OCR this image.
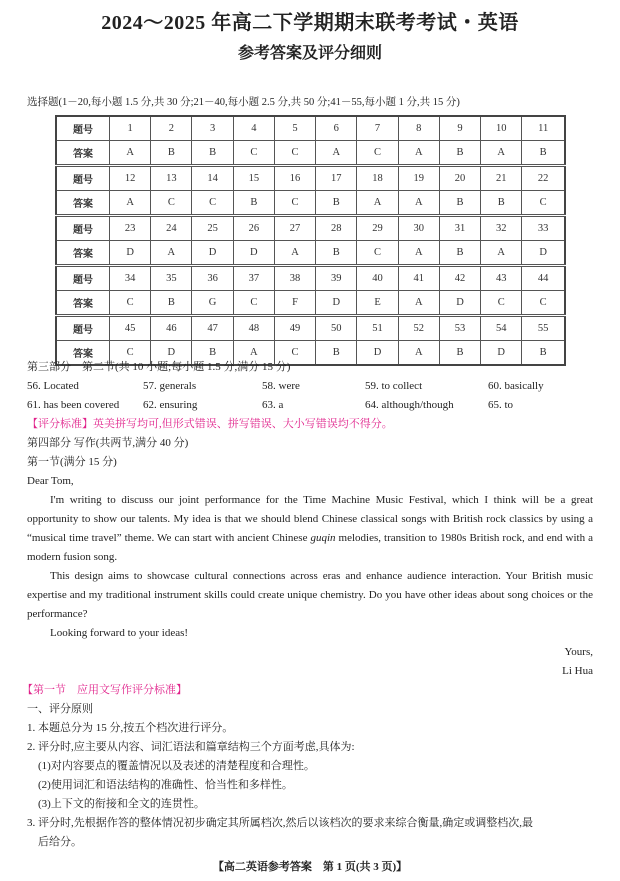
名校教研联盟
2024～2025 年高二下学期期末联考考试・英语
参考答案及评分细则
选择题(1－20,每小题 1.5 分,共 30 分;21－40,每小题 2.5 分,共 50 分;41－55,每小题 1 分,共 15 分)
题号	1	2	3	4	5	6	7	8	9	10	11
答案	A	B	B	C	C	A	C	A	B	A	B
题号	12	13	14	15	16	17	18	19	20	21	22
答案	A	C	C	B	C	B	A	A	B	B	C
题号	23	24	25	26	27	28	29	30	31	32	33
答案	D	A	D	D	A	B	C	A	B	A	D
题号	34	35	36	37	38	39	40	41	42	43	44
答案	C	B	G	C	F	D	E	A	D	C	C
题号	45	46	47	48	49	50	51	52	53	54	55
答案	C	D	B	A	C	B	D	A	B	D	B
第三部分　第二节(共 10 小题;每小题 1.5 分,满分 15 分)
56. Located	57. generals	58. were	59. to collect	60. basically
61. has been covered	62. ensuring	63. a	64. although/though	65. to
【评分标准】英美拼写均可,但形式错误、拼写错误、大小写错误均不得分。
第四部分 写作(共两节,满分 40 分)
第一节(满分 15 分)
Dear Tom,
I'm writing to discuss our joint performance for the Time Machine Music Festival, which I think will be a great opportunity to show our talents. My idea is that we should blend Chinese classical songs with British rock classics by using a “musical time travel” theme. We can start with ancient Chinese guqin melodies, transition to 1980s British rock, and end with a modern fusion song.
This design aims to showcase cultural connections across eras and enhance audience interaction. Your British music expertise and my traditional instrument skills could create unique chemistry. Do you have other ideas about song choices or the performance?
Looking forward to your ideas!
Yours,
Li Hua
【第一节　应用文写作评分标准】
一、评分原则
1. 本题总分为 15 分,按五个档次进行评分。
2. 评分时,应主要从内容、词汇语法和篇章结构三个方面考虑,具体为:
(1)对内容要点的覆盖情况以及表述的清楚程度和合理性。
(2)使用词汇和语法结构的准确性、恰当性和多样性。
(3)上下文的衔接和全文的连贯性。
3. 评分时,先根据作答的整体情况初步确定其所属档次,然后以该档次的要求来综合衡量,确定或调整档次,最
后给分。
【高二英语参考答案　第 1 页(共 3 页)】
